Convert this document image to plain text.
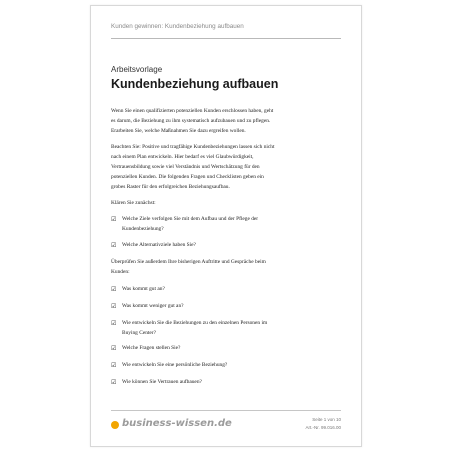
Kunden gewinnen: Kundenbeziehung aufbauen
Arbeitsvorlage
Kundenbeziehung aufbauen
Wenn Sie einen qualifizierten potenziellen Kunden erschlossen haben, geht
es darum, die Beziehung zu ihm systematisch aufzubauen und zu pflegen.
Erarbeiten Sie, welche Maßnahmen Sie dazu ergreifen wollen.
Beachten Sie: Positive und tragfähige Kundenbeziehungen lassen sich nicht
nach einem Plan entwickeln. Hier bedarf es viel Glaubwürdigkeit,
Vertrauensbildung sowie viel Verständnis und Wertschätzung für den
potenziellen Kunden. Die folgenden Fragen und Checklisten geben ein
grobes Raster für den erfolgreichen Beziehungsaufbau.
Klären Sie zunächst:
☑ Welche Ziele verfolgen Sie mit dem Aufbau und der Pflege der
Kundenbeziehung?
☑ Welche Alternativziele haben Sie?
Überprüfen Sie außerdem Ihre bisherigen Auftritte und Gespräche beim
Kunden:
☑ Was kommt gut an?
☑ Was kommt weniger gut an?
☑ Wie entwickeln Sie die Beziehungen zu den einzelnen Personen im
Buying Center?
☑ Welche Fragen stellen Sie?
☑ Wie entwickeln Sie eine persönliche Beziehung?
☑ Wie können Sie Vertrauen aufbauen?
business-wissen.de	Seite 1 von 10
Art.-Nr. 99.016.00
